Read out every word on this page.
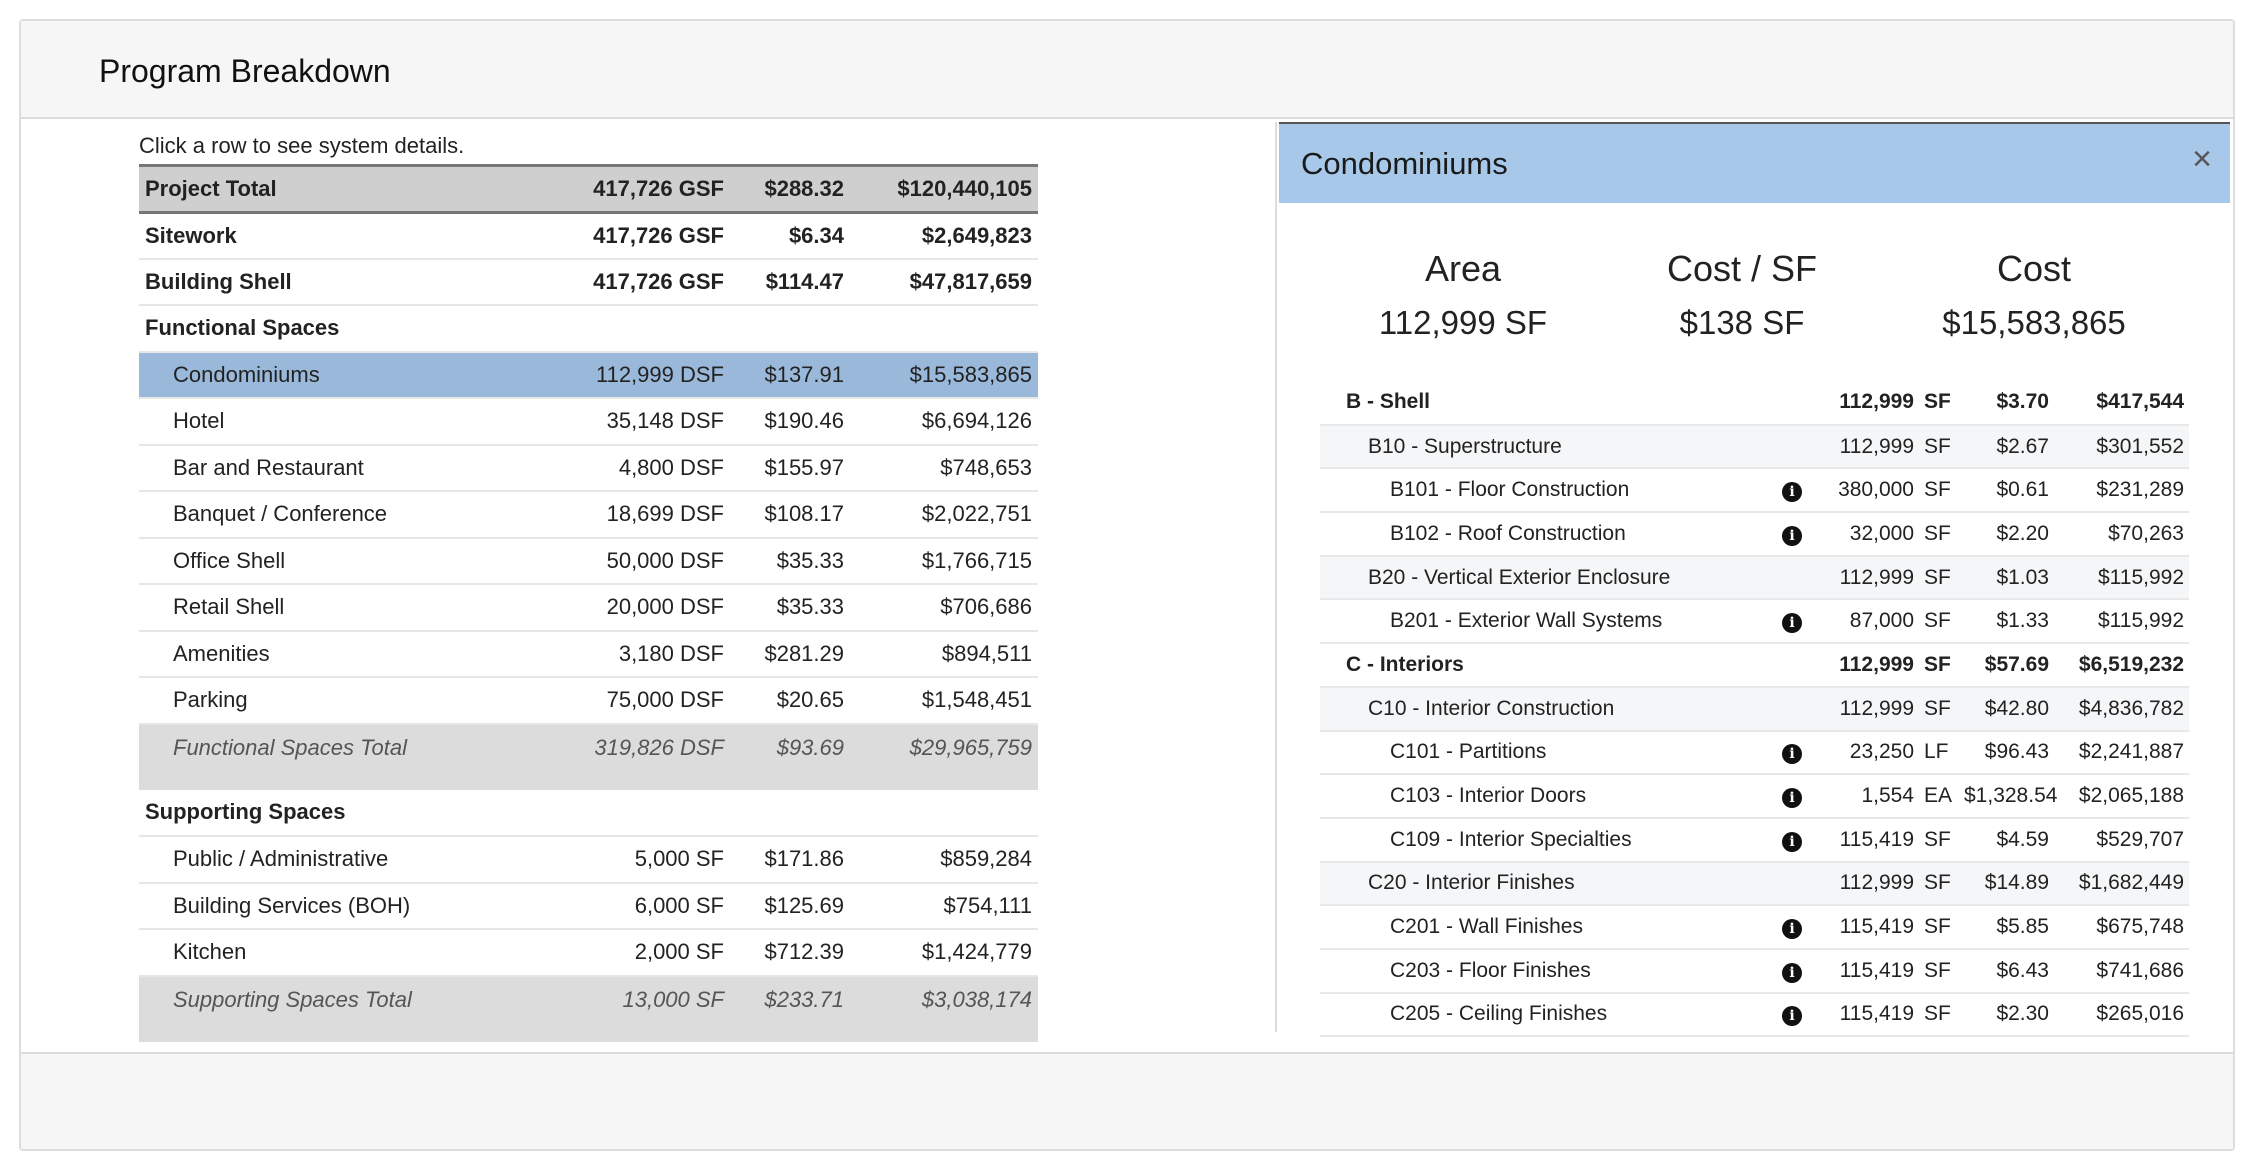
Program Breakdown
Click a row to see system details.
Project Total	417,726 GSF	$288.32	$120,440,105
Sitework	417,726 GSF	$6.34	$2,649,823
Building Shell	417,726 GSF	$114.47	$47,817,659
Functional Spaces			
Condominiums	112,999 DSF	$137.91	$15,583,865
Hotel	35,148 DSF	$190.46	$6,694,126
Bar and Restaurant	4,800 DSF	$155.97	$748,653
Banquet / Conference	18,699 DSF	$108.17	$2,022,751
Office Shell	50,000 DSF	$35.33	$1,766,715
Retail Shell	20,000 DSF	$35.33	$706,686
Amenities	3,180 DSF	$281.29	$894,511
Parking	75,000 DSF	$20.65	$1,548,451
Functional Spaces Total	319,826 DSF	$93.69	$29,965,759
Supporting Spaces			
Public / Administrative	5,000 SF	$171.86	$859,284
Building Services (BOH)	6,000 SF	$125.69	$754,111
Kitchen	2,000 SF	$712.39	$1,424,779
Supporting Spaces Total	13,000 SF	$233.71	$3,038,174
Condominiums	×
Area
112,999 SF
Cost / SF
$138 SF
Cost
$15,583,865
B - Shell		112,999	SF	$3.70	$417,544
B10 - Superstructure		112,999	SF	$2.67	$301,552
B101 - Floor Construction	i	380,000	SF	$0.61	$231,289
B102 - Roof Construction	i	32,000	SF	$2.20	$70,263
B20 - Vertical Exterior Enclosure		112,999	SF	$1.03	$115,992
B201 - Exterior Wall Systems	i	87,000	SF	$1.33	$115,992
C - Interiors		112,999	SF	$57.69	$6,519,232
C10 - Interior Construction		112,999	SF	$42.80	$4,836,782
C101 - Partitions	i	23,250	LF	$96.43	$2,241,887
C103 - Interior Doors	i	1,554	EA	$1,328.54	$2,065,188
C109 - Interior Specialties	i	115,419	SF	$4.59	$529,707
C20 - Interior Finishes		112,999	SF	$14.89	$1,682,449
C201 - Wall Finishes	i	115,419	SF	$5.85	$675,748
C203 - Floor Finishes	i	115,419	SF	$6.43	$741,686
C205 - Ceiling Finishes	i	115,419	SF	$2.30	$265,016
